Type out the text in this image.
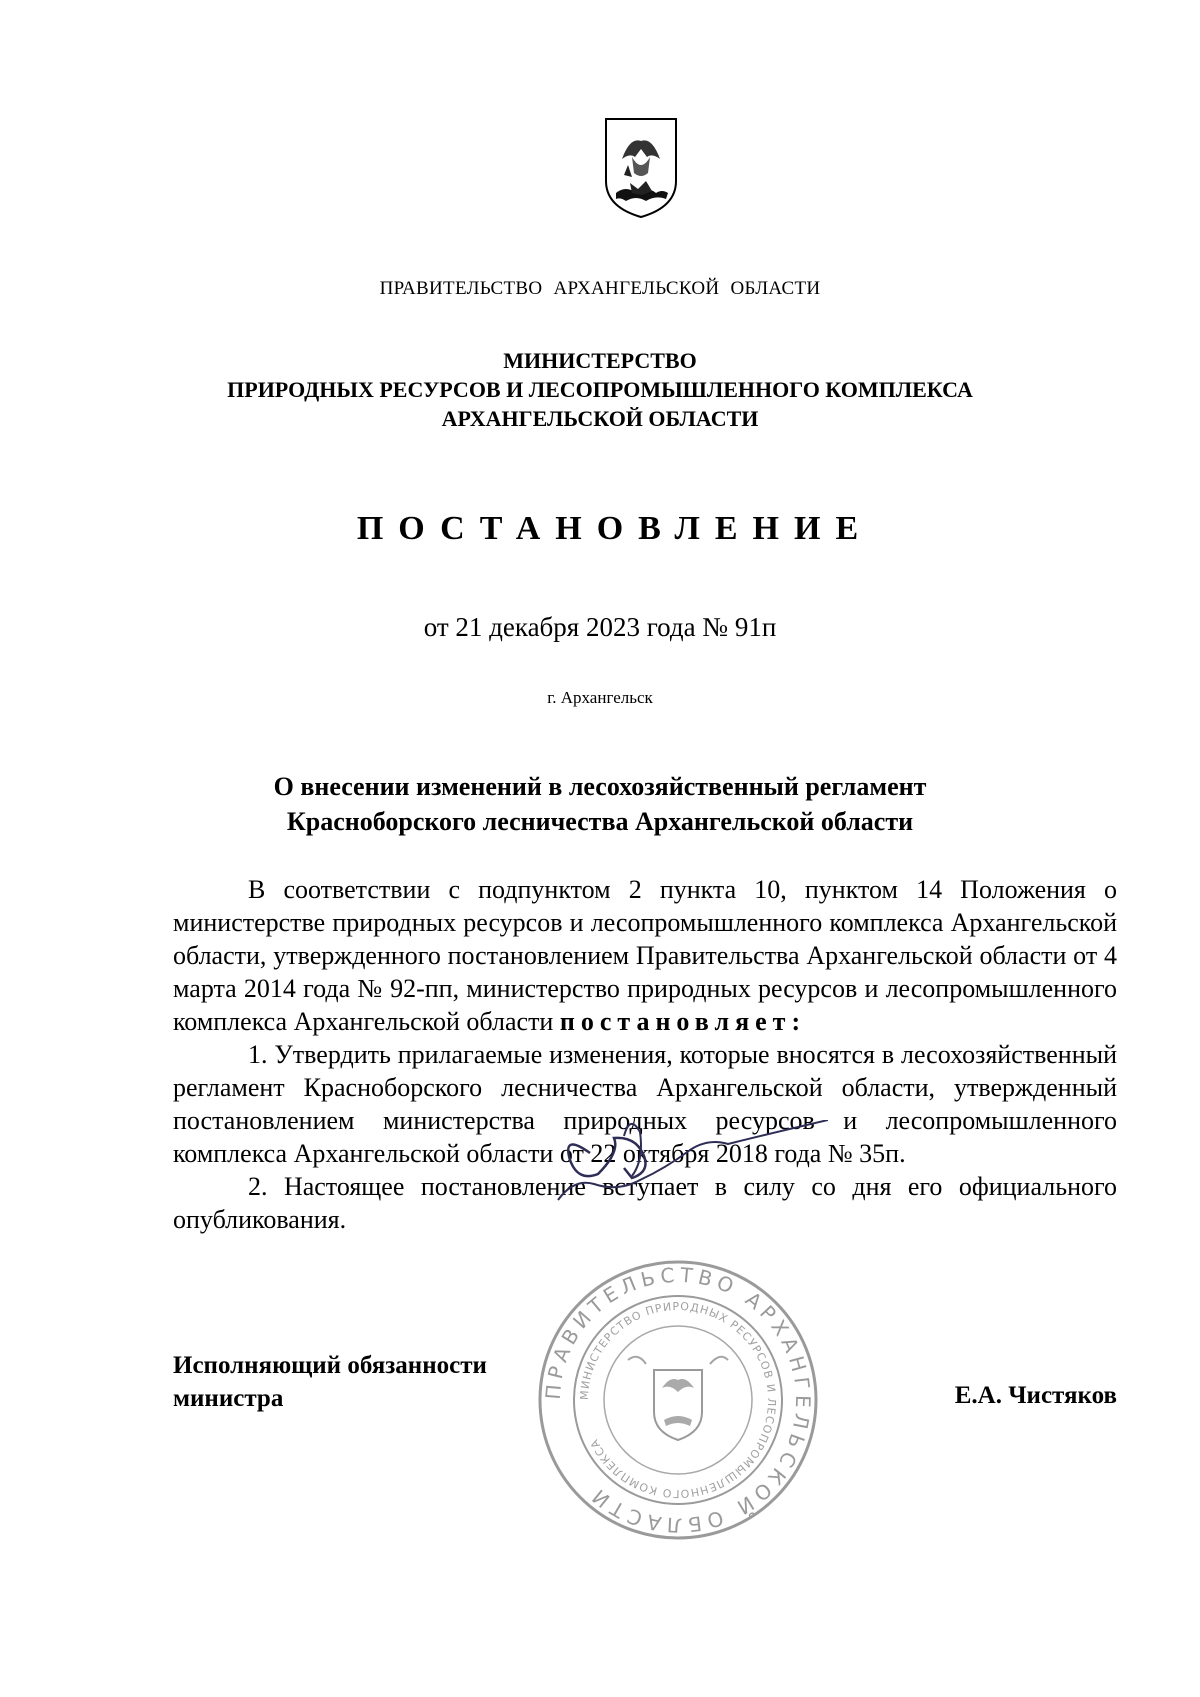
ПРАВИТЕЛЬСТВО АРХАНГЕЛЬСКОЙ ОБЛАСТИ
МИНИСТЕРСТВО
ПРИРОДНЫХ РЕСУРСОВ И ЛЕСОПРОМЫШЛЕННОГО КОМПЛЕКСА
АРХАНГЕЛЬСКОЙ ОБЛАСТИ
ПОСТАНОВЛЕНИЕ
от 21 декабря 2023 года № 91п
г. Архангельск
О внесении изменений в лесохозяйственный регламент
Красноборского лесничества Архангельской области

В соответствии с подпунктом 2 пункта 10, пунктом 14 Положения о министерстве природных ресурсов и лесопромышленного комплекса Архангельской области, утвержденного постановлением Правительства Архангельской области от 4 марта 2014 года № 92-пп, министерство природных ресурсов и лесопромышленного комплекса Архангельской области постановляет:

1. Утвердить прилагаемые изменения, которые вносятся в лесохозяйственный регламент Красноборского лесничества Архангельской области, утвержденный постановлением министерства природных ресурсов и лесопромышленного комплекса Архангельской области от 22 октября 2018 года № 35п.

2. Настоящее постановление вступает в силу со дня его официального опубликования.

Исполняющий обязанности
министра	Е.А. Чистяков
ПРАВИТЕЛЬСТВО АРХАНГЕЛЬСКОЙ ОБЛАСТИ
МИНИСТЕРСТВО ПРИРОДНЫХ РЕСУРСОВ И ЛЕСОПРОМЫШЛЕННОГО КОМПЛЕКСА
